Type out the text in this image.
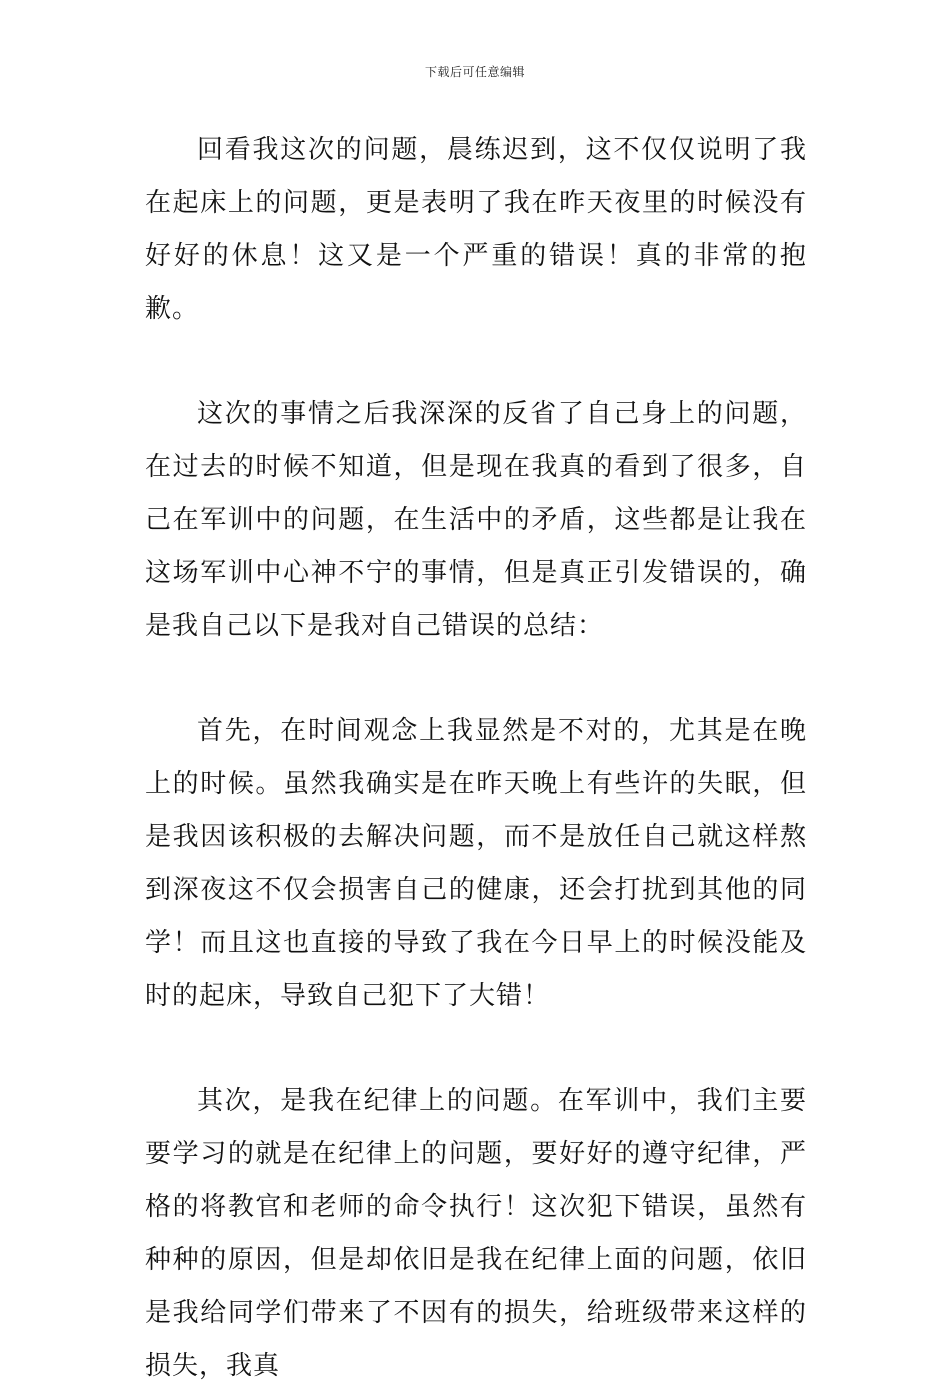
下载后可任意编辑

回看我这次的问题，晨练迟到，这不仅仅说明了我在起床上的问题，更是表明了我在昨天夜里的时候没有好好的休息！这又是一个严重的错误！真的非常的抱歉。

这次的事情之后我深深的反省了自己身上的问题，在过去的时候不知道，但是现在我真的看到了很多，自己在军训中的问题，在生活中的矛盾，这些都是让我在这场军训中心神不宁的事情，但是真正引发错误的，确是我自己以下是我对自己错误的总结：

首先，在时间观念上我显然是不对的，尤其是在晚上的时候。虽然我确实是在昨天晚上有些许的失眠，但是我因该积极的去解决问题，而不是放任自己就这样熬到深夜这不仅会损害自己的健康，还会打扰到其他的同学！而且这也直接的导致了我在今日早上的时候没能及时的起床，导致自己犯下了大错！

其次，是我在纪律上的问题。在军训中，我们主要要学习的就是在纪律上的问题，要好好的遵守纪律，严格的将教官和老师的命令执行！这次犯下错误，虽然有种种的原因，但是却依旧是我在纪律上面的问题，依旧是我给同学们带来了不因有的损失，给班级带来这样的损失，我真
